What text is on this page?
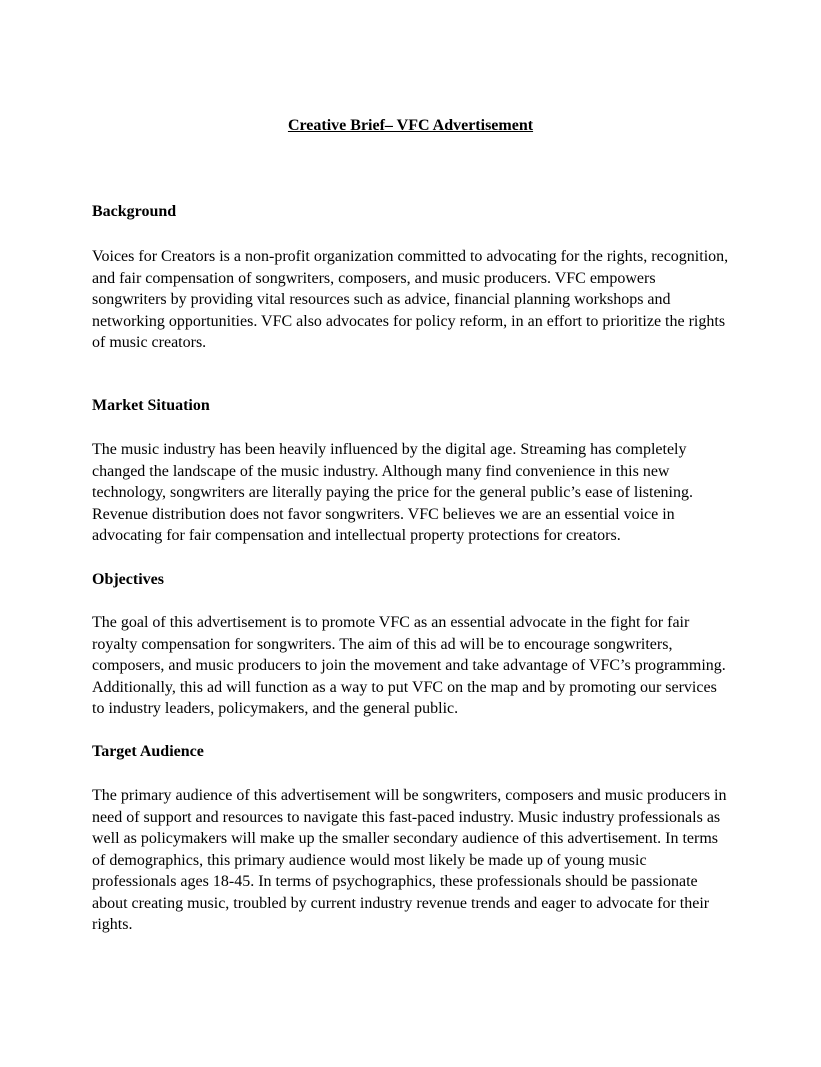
Creative Brief– VFC Advertisement
Background

Voices for Creators is a non-profit organization committed to advocating for the rights, recognition, and fair compensation of songwriters, composers, and music producers. VFC empowers songwriters by providing vital resources such as advice, financial planning workshops and networking opportunities. VFC also advocates for policy reform, in an effort to prioritize the rights of music creators.

Market Situation

The music industry has been heavily influenced by the digital age. Streaming has completely changed the landscape of the music industry. Although many find convenience in this new technology, songwriters are literally paying the price for the general public’s ease of listening. Revenue distribution does not favor songwriters. VFC believes we are an essential voice in advocating for fair compensation and intellectual property protections for creators.

Objectives

The goal of this advertisement is to promote VFC as an essential advocate in the fight for fair royalty compensation for songwriters. The aim of this ad will be to encourage songwriters, composers, and music producers to join the movement and take advantage of VFC’s programming. Additionally, this ad will function as a way to put VFC on the map and by promoting our services to industry leaders, policymakers, and the general public.

Target Audience

The primary audience of this advertisement will be songwriters, composers and music producers in need of support and resources to navigate this fast-paced industry. Music industry professionals as well as policymakers will make up the smaller secondary audience of this advertisement. In terms of demographics, this primary audience would most likely be made up of young music professionals ages 18-45. In terms of psychographics, these professionals should be passionate about creating music, troubled by current industry revenue trends and eager to advocate for their rights.
